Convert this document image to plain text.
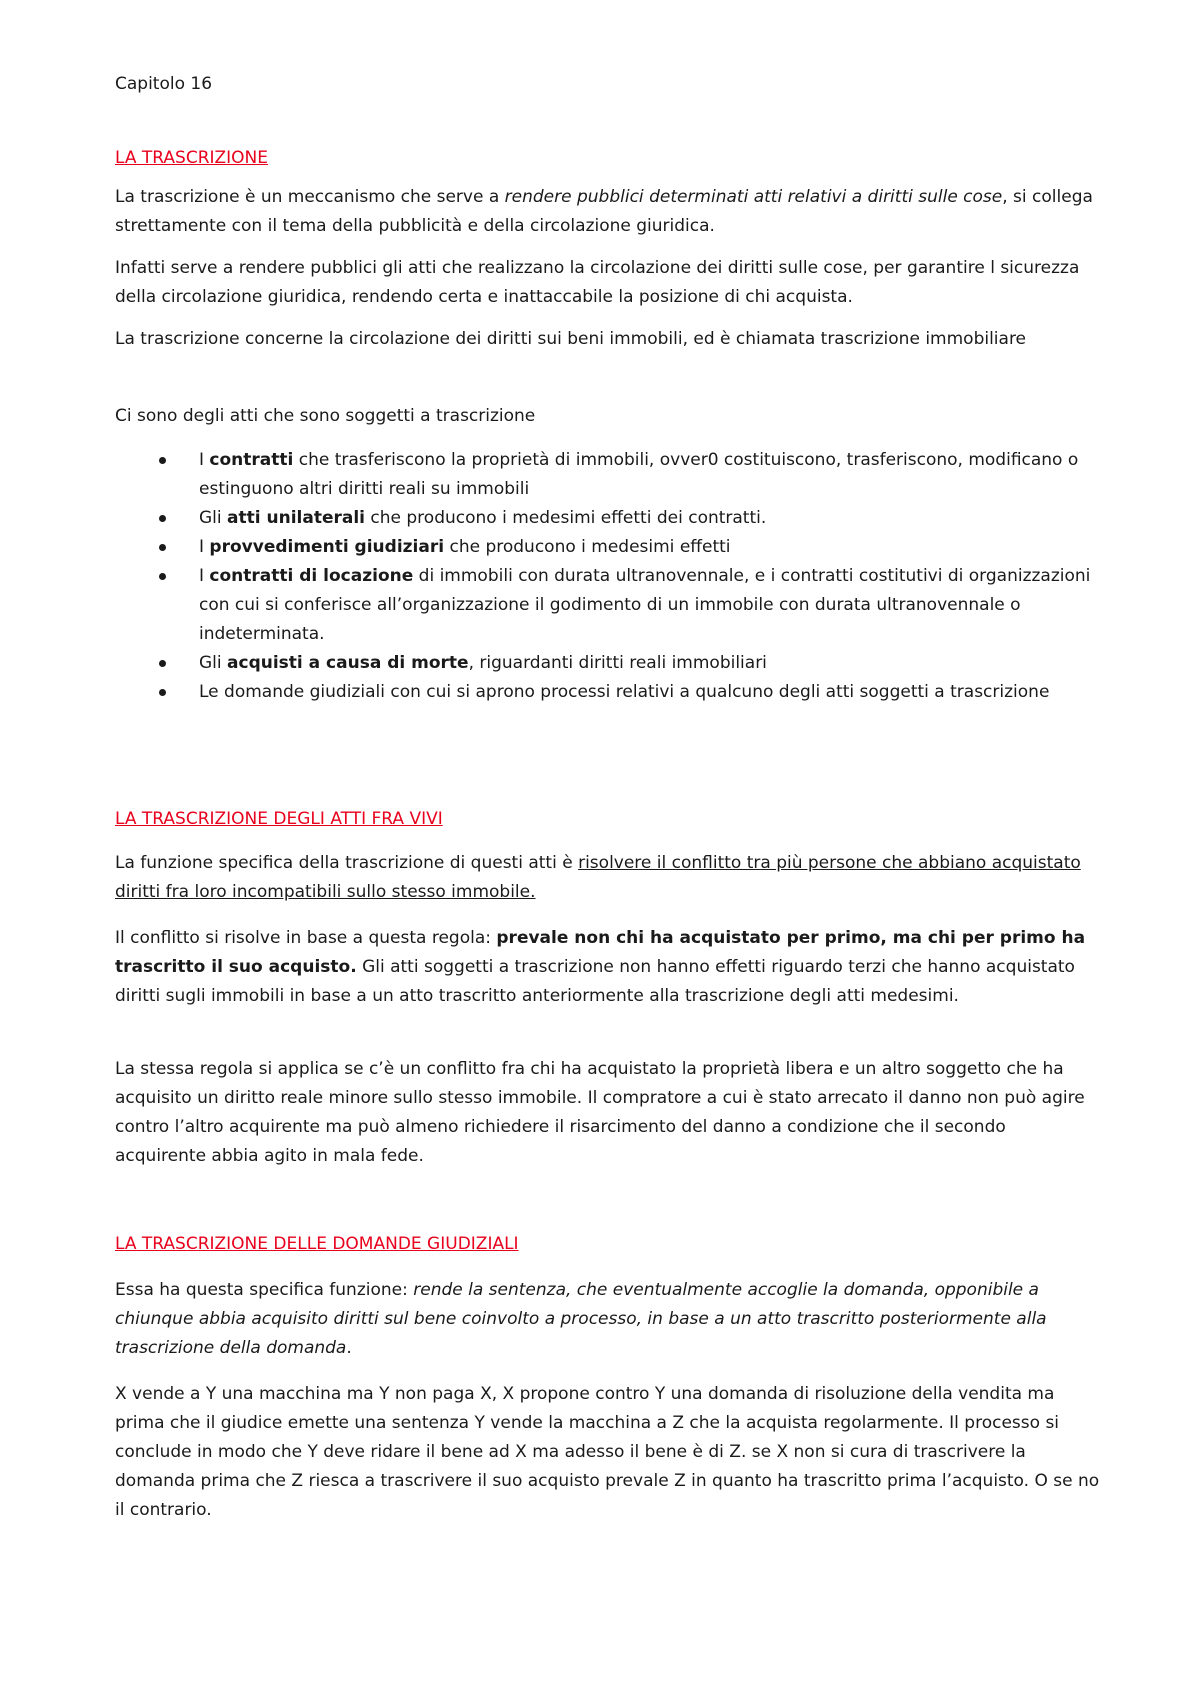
Capitolo 16

LA TRASCRIZIONE

La trascrizione è un meccanismo che serve a rendere pubblici determinati atti relativi a diritti sulle cose, si collega strettamente con il tema della pubblicità e della circolazione giuridica.

Infatti serve a rendere pubblici gli atti che realizzano la circolazione dei diritti sulle cose, per garantire l sicurezza della circolazione giuridica, rendendo certa e inattaccabile la posizione di chi acquista.

La trascrizione concerne la circolazione dei diritti sui beni immobili, ed è chiamata trascrizione immobiliare

Ci sono degli atti che sono soggetti a trascrizione

I contratti che trasferiscono la proprietà di immobili, ovver0 costituiscono, trasferiscono, modificano o estinguono altri diritti reali su immobili
Gli atti unilaterali che producono i medesimi effetti dei contratti.
I provvedimenti giudiziari che producono i medesimi effetti
I contratti di locazione di immobili con durata ultranovennale, e i contratti costitutivi di organizzazioni con cui si conferisce all’organizzazione il godimento di un immobile con durata ultranovennale o indeterminata.
Gli acquisti a causa di morte, riguardanti diritti reali immobiliari
Le domande giudiziali con cui si aprono processi relativi a qualcuno degli atti soggetti a trascrizione

LA TRASCRIZIONE DEGLI ATTI FRA VIVI

La funzione specifica della trascrizione di questi atti è risolvere il conflitto tra più persone che abbiano acquistato diritti fra loro incompatibili sullo stesso immobile.

Il conflitto si risolve in base a questa regola: prevale non chi ha acquistato per primo, ma chi per primo ha trascritto il suo acquisto. Gli atti soggetti a trascrizione non hanno effetti riguardo terzi che hanno acquistato diritti sugli immobili in base a un atto trascritto anteriormente alla trascrizione degli atti medesimi.

La stessa regola si applica se c’è un conflitto fra chi ha acquistato la proprietà libera e un altro soggetto che ha acquisito un diritto reale minore sullo stesso immobile. Il compratore a cui è stato arrecato il danno non può agire contro l’altro acquirente ma può almeno richiedere il risarcimento del danno a condizione che il secondo acquirente abbia agito in mala fede.

LA TRASCRIZIONE DELLE DOMANDE GIUDIZIALI

Essa ha questa specifica funzione: rende la sentenza, che eventualmente accoglie la domanda, opponibile a chiunque abbia acquisito diritti sul bene coinvolto a processo, in base a un atto trascritto posteriormente alla trascrizione della domanda.

X vende a Y una macchina ma Y non paga X, X propone contro Y una domanda di risoluzione della vendita ma prima che il giudice emette una sentenza Y vende la macchina a Z che la acquista regolarmente. Il processo si conclude in modo che Y deve ridare il bene ad X ma adesso il bene è di Z. se X non si cura di trascrivere la domanda prima che Z riesca a trascrivere il suo acquisto prevale Z in quanto ha trascritto prima l’acquisto. O se no il contrario.
